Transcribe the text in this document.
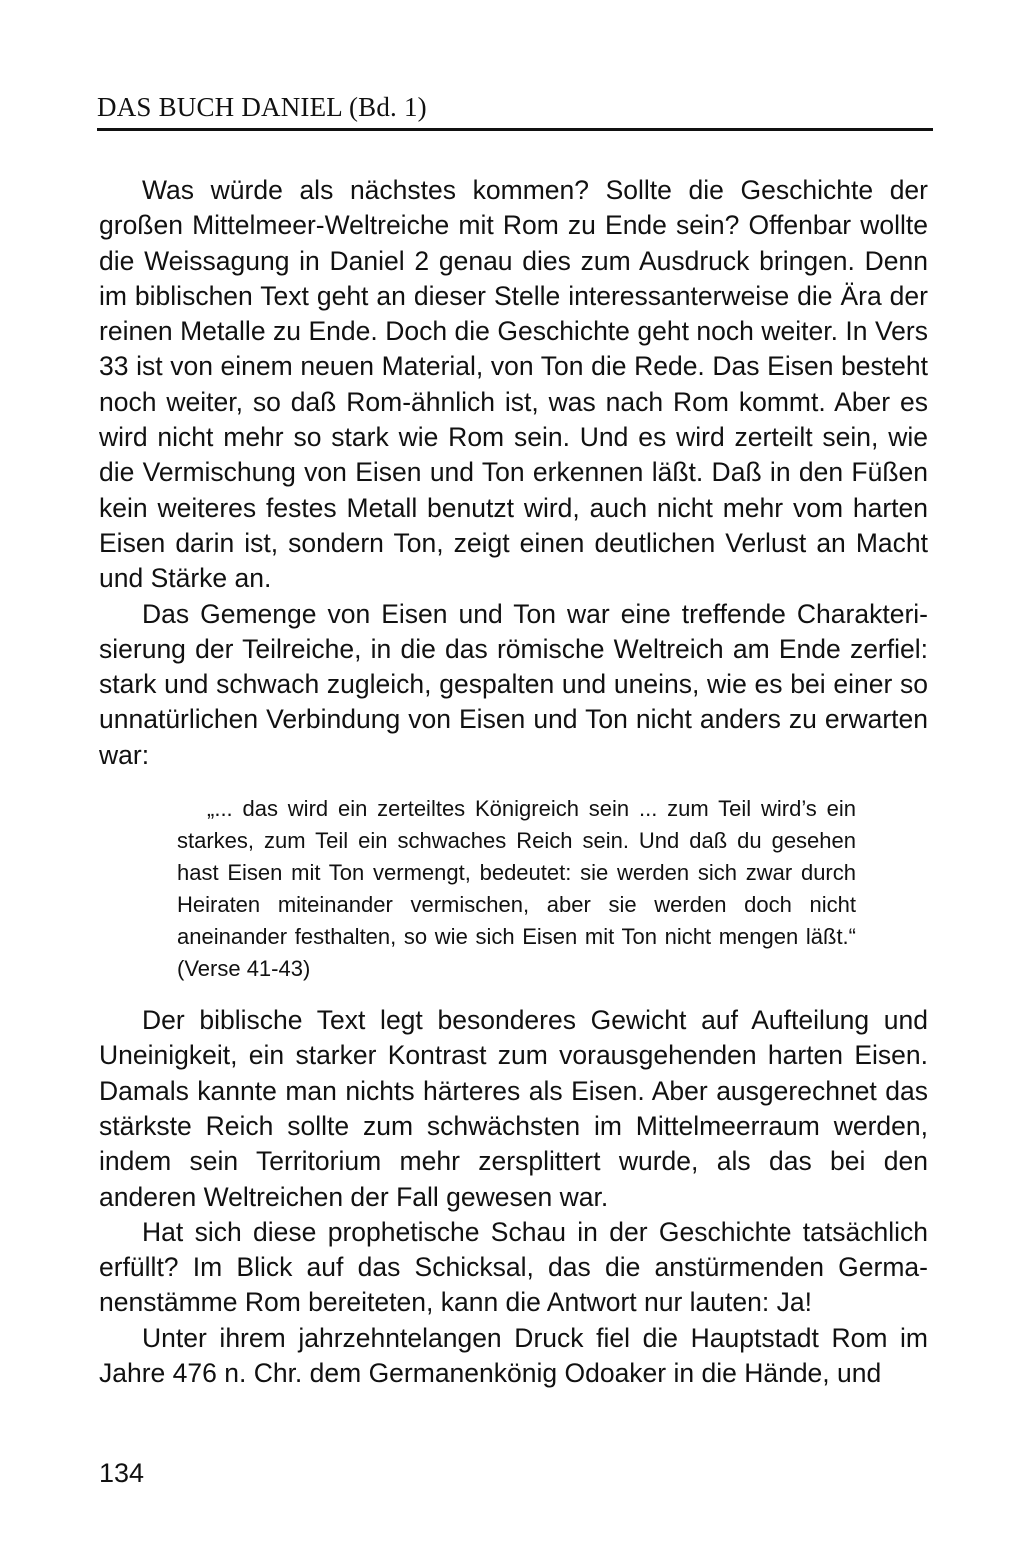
DAS BUCH DANIEL (Bd. 1)

Was würde als nächstes kommen? Sollte die Geschichte der großen Mittelmeer-Weltreiche mit Rom zu Ende sein? Offenbar wollte die Weissagung in Daniel 2 genau dies zum Ausdruck bringen. Denn im biblischen Text geht an dieser Stelle interessanterweise die Ära der reinen Metalle zu Ende. Doch die Geschichte geht noch weiter. In Vers 33 ist von einem neuen Material, von Ton die Rede. Das Eisen besteht noch weiter, so daß Rom-ähnlich ist, was nach Rom kommt. Aber es wird nicht mehr so stark wie Rom sein. Und es wird zerteilt sein, wie die Vermischung von Eisen und Ton erkennen läßt. Daß in den Füßen kein weiteres festes Metall benutzt wird, auch nicht mehr vom harten Eisen darin ist, sondern Ton, zeigt einen deutlichen Verlust an Macht und Stärke an.

Das Gemenge von Eisen und Ton war eine treffende Charakterisierung der Teilreiche, in die das römische Weltreich am Ende zerfiel: stark und schwach zugleich, gespalten und uneins, wie es bei einer so unnatürlichen Verbindung von Eisen und Ton nicht anders zu erwarten war:

„... das wird ein zerteiltes Königreich sein ... zum Teil wird’s ein starkes, zum Teil ein schwaches Reich sein. Und daß du gesehen hast Eisen mit Ton vermengt, bedeutet: sie werden sich zwar durch Heiraten miteinander vermischen, aber sie werden doch nicht aneinander festhalten, so wie sich Eisen mit Ton nicht mengen läßt.“ (Verse 41-43)

Der biblische Text legt besonderes Gewicht auf Aufteilung und Uneinigkeit, ein starker Kontrast zum vorausgehenden harten Eisen. Damals kannte man nichts härteres als Eisen. Aber ausgerechnet das stärkste Reich sollte zum schwächsten im Mittelmeerraum werden, indem sein Territorium mehr zersplittert wurde, als das bei den anderen Weltreichen der Fall gewesen war.

Hat sich diese prophetische Schau in der Geschichte tatsächlich erfüllt? Im Blick auf das Schicksal, das die anstürmenden Germanenstämme Rom bereiteten, kann die Antwort nur lauten: Ja!

Unter ihrem jahrzehntelangen Druck fiel die Hauptstadt Rom im Jahre 476 n. Chr. dem Germanenkönig Odoaker in die Hände, und

134
